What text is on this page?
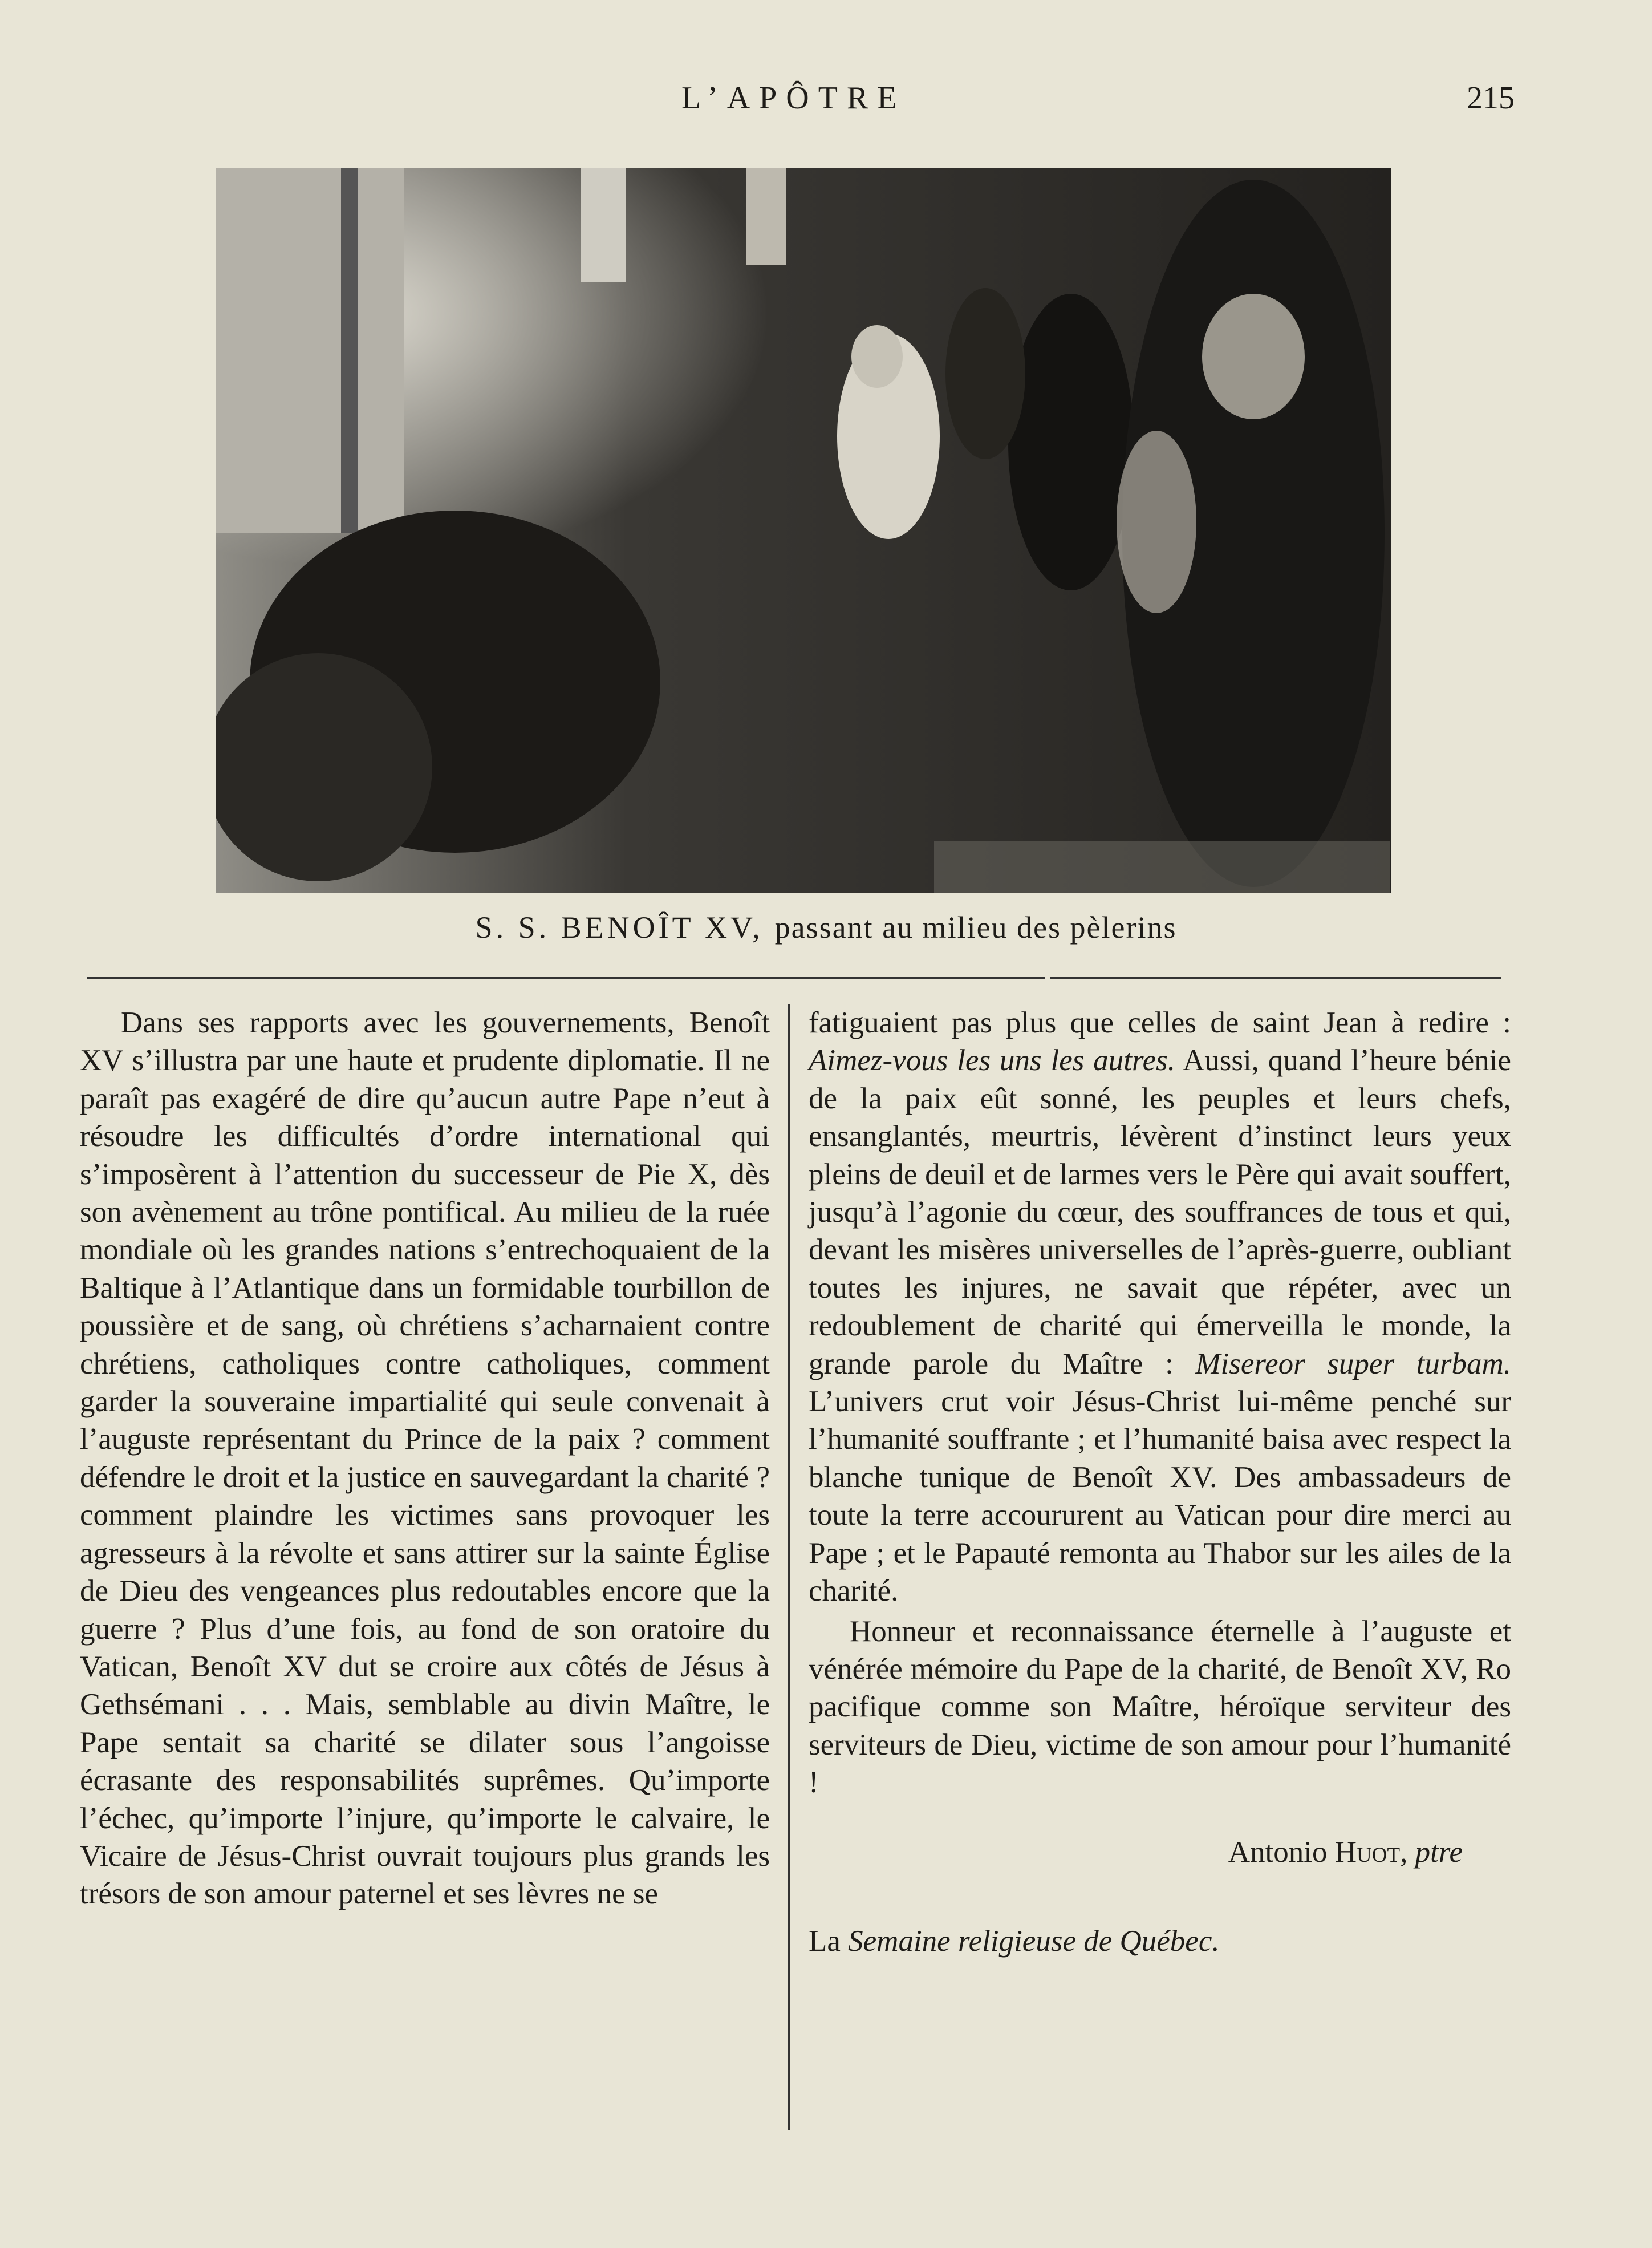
L’APÔTRE	215
S. S. BENOÎT XV, passant au milieu des pèlerins

Dans ses rapports avec les gouvernements, Benoît XV s’illustra par une haute et prudente diplomatie. Il ne paraît pas exagéré de dire qu’aucun autre Pape n’eut à résoudre les difficultés d’ordre international qui s’imposèrent à l’attention du successeur de Pie X, dès son avènement au trône pontifical. Au milieu de la ruée mondiale où les grandes nations s’entrechoquaient de la Baltique à l’Atlantique dans un formidable tourbillon de poussière et de sang, où chrétiens s’acharnaient contre chrétiens, catholiques contre catholiques, comment garder la souveraine impartialité qui seule convenait à l’auguste représentant du Prince de la paix ? comment défendre le droit et la justice en sauvegardant la charité ? comment plaindre les victimes sans provoquer les agresseurs à la révolte et sans attirer sur la sainte Église de Dieu des vengeances plus redoutables encore que la guerre ? Plus d’une fois, au fond de son oratoire du Vatican, Benoît XV dut se croire aux côtés de Jésus à Gethsémani . . . Mais, semblable au divin Maître, le Pape sentait sa charité se dilater sous l’angoisse écrasante des responsabilités suprêmes. Qu’importe l’échec, qu’importe l’injure, qu’importe le calvaire, le Vicaire de Jésus-Christ ouvrait toujours plus grands les trésors de son amour paternel et ses lèvres ne se

fatiguaient pas plus que celles de saint Jean à redire : Aimez-vous les uns les autres. Aussi, quand l’heure bénie de la paix eût sonné, les peuples et leurs chefs, ensanglantés, meurtris, lévèrent d’instinct leurs yeux pleins de deuil et de larmes vers le Père qui avait souffert, jusqu’à l’agonie du cœur, des souffrances de tous et qui, devant les misères universelles de l’après-guerre, oubliant toutes les injures, ne savait que répéter, avec un redoublement de charité qui émerveilla le monde, la grande parole du Maître : Misereor super turbam. L’univers crut voir Jésus-Christ lui-même penché sur l’humanité souffrante ; et l’humanité baisa avec respect la blanche tunique de Benoît XV. Des ambassadeurs de toute la terre accoururent au Vatican pour dire merci au Pape ; et le Papauté remonta au Thabor sur les ailes de la charité.

Honneur et reconnaissance éternelle à l’auguste et vénérée mémoire du Pape de la charité, de Benoît XV, Ro pacifique comme son Maître, héroïque serviteur des serviteurs de Dieu, victime de son amour pour l’humanité !

Antonio Huot, ptre
La Semaine religieuse de Québec.
